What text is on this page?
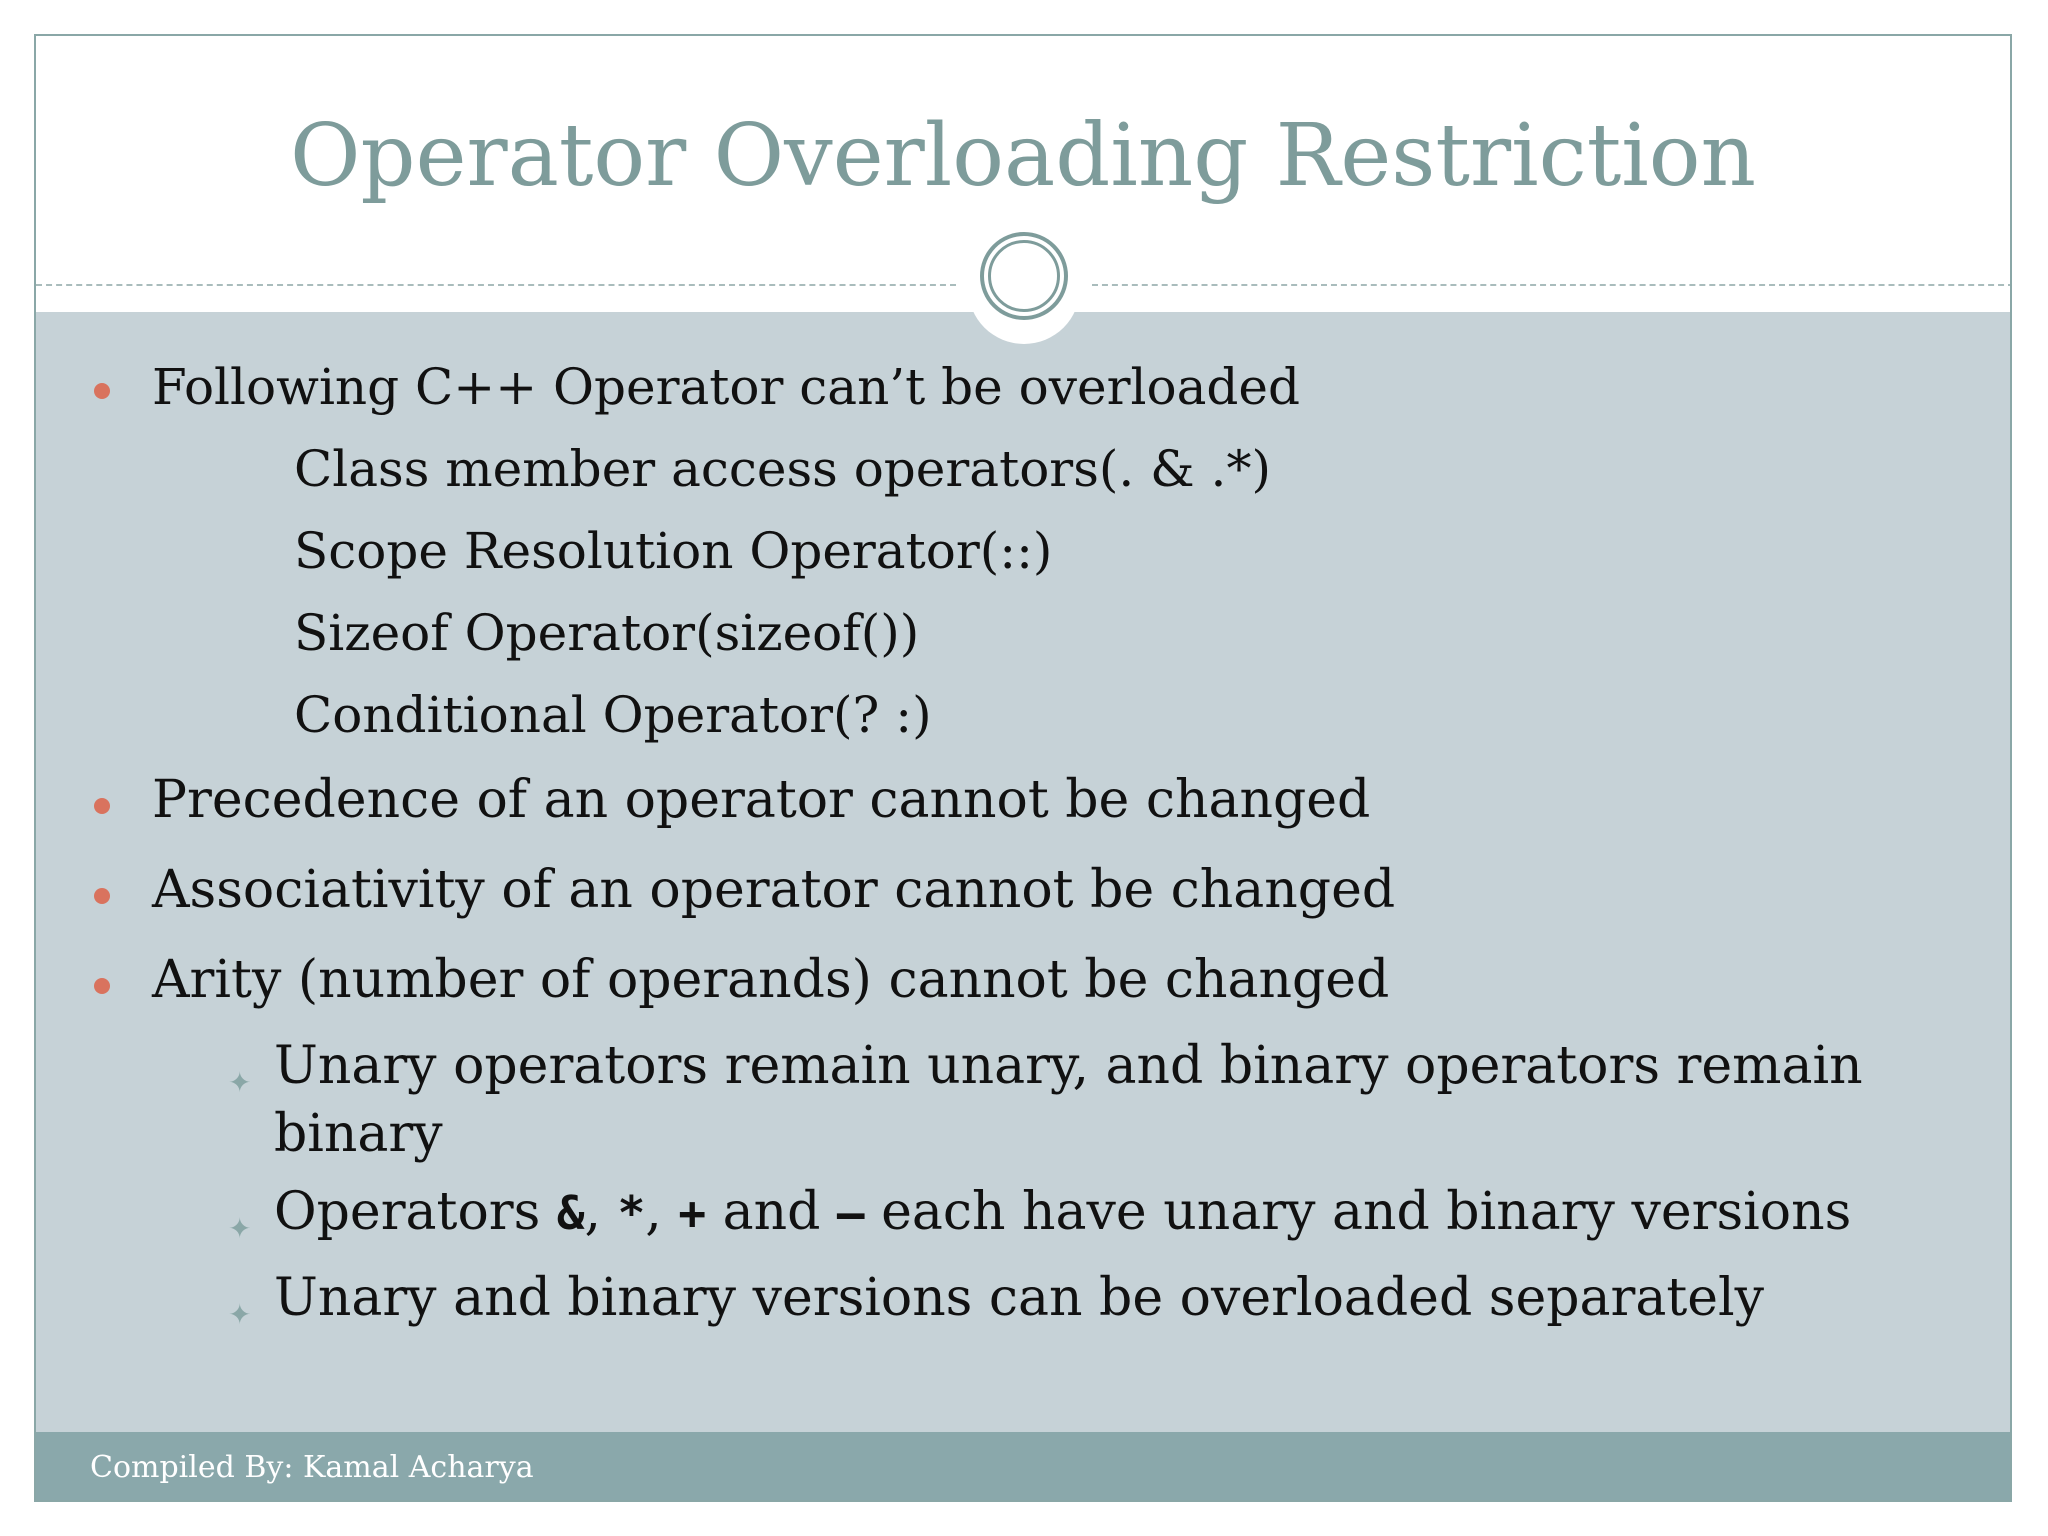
Operator Overloading Restriction
Following C++ Operator can’t be overloaded
Class member access operators(. & .*)
Scope Resolution Operator(::)
Sizeof Operator(sizeof())
Conditional Operator(? :)
Precedence of an operator cannot be changed
Associativity of an operator cannot be changed
Arity (number of operands) cannot be changed
✦ Unary operators remain unary, and binary operators remain
binary
✦ Operators &, *, + and – each have unary and binary versions
✦ Unary and binary versions can be overloaded separately
Compiled By: Kamal Acharya
